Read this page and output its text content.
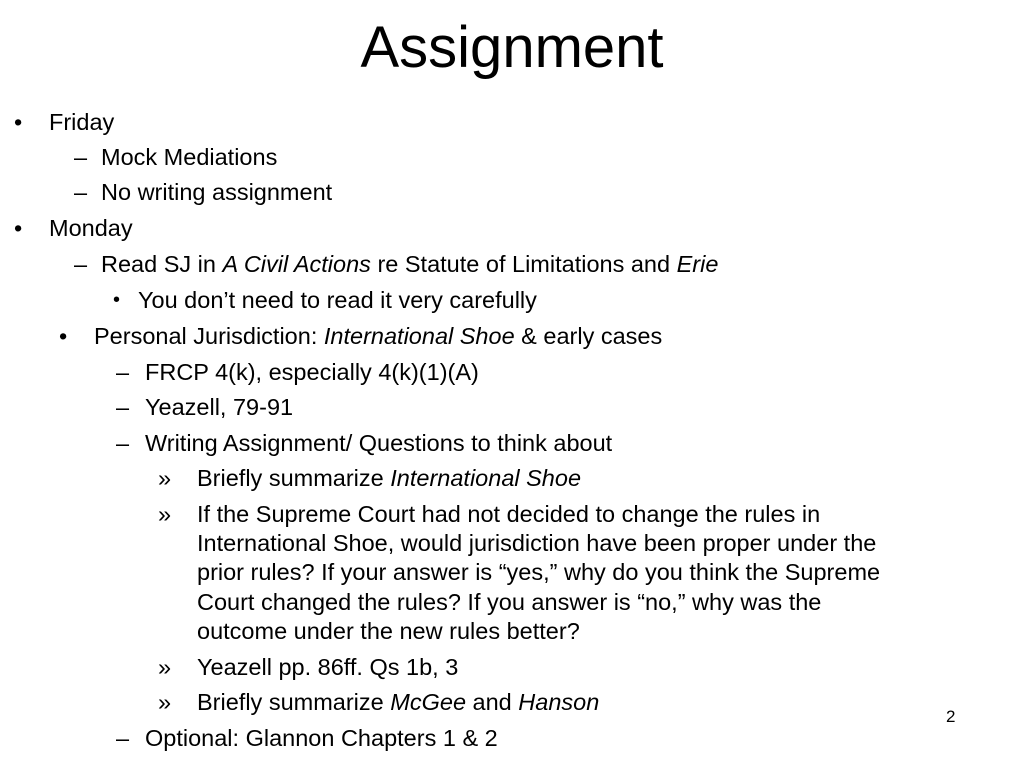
Assignment
• Friday
– Mock Mediations
– No writing assignment
• Monday
– Read SJ in A Civil Actions re Statute of Limitations and Erie
• You don’t need to read it very carefully
• Personal Jurisdiction: International Shoe & early cases
– FRCP 4(k), especially 4(k)(1)(A)
– Yeazell, 79-91
– Writing Assignment/ Questions to think about
» Briefly summarize International Shoe
» If the Supreme Court had not decided to change the rules in
International Shoe, would jurisdiction have been proper under the
prior rules? If your answer is “yes,” why do you think the Supreme
Court changed the rules? If you answer is “no,” why was the
outcome under the new rules better?
» Yeazell pp. 86ff. Qs 1b, 3
» Briefly summarize McGee and Hanson
– Optional: Glannon Chapters 1 & 2
2
